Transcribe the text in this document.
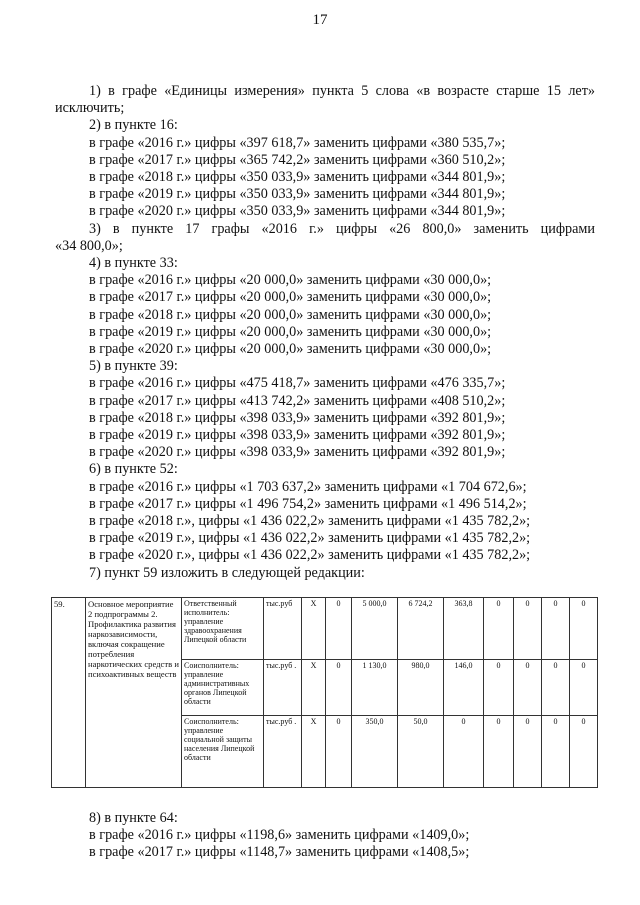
17

1) в графе «Единицы измерения» пункта 5 слова «в возрасте старше 15 лет»

исключить;

2) в пункте 16:

в графе «2016 г.» цифры «397 618,7» заменить цифрами «380 535,7»;

в графе «2017 г.» цифры «365 742,2» заменить цифрами «360 510,2»;

в графе «2018 г.» цифры «350 033,9» заменить цифрами «344 801,9»;

в графе «2019 г.» цифры «350 033,9» заменить цифрами «344 801,9»;

в графе «2020 г.» цифры «350 033,9» заменить цифрами «344 801,9»;

3) в пункте 17 графы «2016 г.» цифры «26 800,0» заменить цифрами

«34 800,0»;

4) в пункте 33:

в графе «2016 г.» цифры «20 000,0» заменить цифрами «30 000,0»;

в графе «2017 г.» цифры «20 000,0» заменить цифрами «30 000,0»;

в графе «2018 г.» цифры «20 000,0» заменить цифрами «30 000,0»;

в графе «2019 г.» цифры «20 000,0» заменить цифрами «30 000,0»;

в графе «2020 г.» цифры «20 000,0» заменить цифрами «30 000,0»;

5) в пункте 39:

в графе «2016 г.» цифры «475 418,7» заменить цифрами «476 335,7»;

в графе «2017 г.» цифры «413 742,2» заменить цифрами «408 510,2»;

в графе «2018 г.» цифры «398 033,9» заменить цифрами «392 801,9»;

в графе «2019 г.» цифры «398 033,9» заменить цифрами «392 801,9»;

в графе «2020 г.» цифры «398 033,9» заменить цифрами «392 801,9»;

6) в пункте 52:

в графе «2016 г.» цифры «1 703 637,2» заменить цифрами «1 704 672,6»;

в графе «2017 г.» цифры «1 496 754,2» заменить цифрами «1 496 514,2»;

в графе «2018 г.», цифры «1 436 022,2» заменить цифрами «1 435 782,2»;

в графе «2019 г.», цифры «1 436 022,2» заменить цифрами «1 435 782,2»;

в графе «2020 г.», цифры «1 436 022,2» заменить цифрами «1 435 782,2»;

7) пункт 59 изложить в следующей редакции:

59.	Основное мероприятие 2 подпрограммы 2. Профилактика развития наркозависимости, включая сокращение потребления наркотических средств и психоактивных веществ	Ответственный исполнитель: управление здравоохранения Липецкой области	тыс.руб	Х	0	5 000,0	6 724,2	363,8	0	0	0	0
		Соисполнитель: управление административных органов Липецкой области	тыс.руб .	Х	0	1 130,0	980,0	146,0	0	0	0	0
		Соисполнитель: управление социальной защиты населения Липецкой области	тыс.руб .	Х	0	350,0	50,0	0	0	0	0	0

8) в пункте 64:

в графе «2016 г.» цифры «1198,6» заменить цифрами «1409,0»;

в графе «2017 г.» цифры «1148,7» заменить цифрами «1408,5»;
